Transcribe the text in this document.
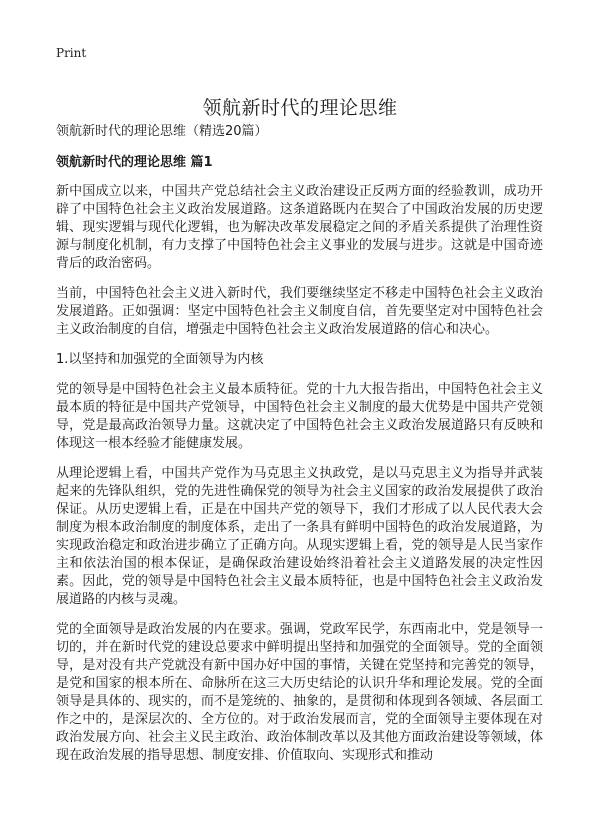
Print
领航新时代的理论思维
领航新时代的理论思维（精选20篇）
领航新时代的理论思维 篇1

新中国成立以来，中国共产党总结社会主义政治建设正反两方面的经验教训，成功开辟了中国特色社会主义政治发展道路。这条道路既内在契合了中国政治发展的历史逻辑、现实逻辑与现代化逻辑，也为解决改革发展稳定之间的矛盾关系提供了治理性资源与制度化机制，有力支撑了中国特色社会主义事业的发展与进步。这就是中国奇迹背后的政治密码。

当前，中国特色社会主义进入新时代，我们要继续坚定不移走中国特色社会主义政治发展道路。正如强调：坚定中国特色社会主义制度自信，首先要坚定对中国特色社会主义政治制度的自信，增强走中国特色社会主义政治发展道路的信心和决心。

1.以坚持和加强党的全面领导为内核

党的领导是中国特色社会主义最本质特征。党的十九大报告指出，中国特色社会主义最本质的特征是中国共产党领导，中国特色社会主义制度的最大优势是中国共产党领导，党是最高政治领导力量。这就决定了中国特色社会主义政治发展道路只有反映和体现这一根本经验才能健康发展。

从理论逻辑上看，中国共产党作为马克思主义执政党，是以马克思主义为指导并武装起来的先锋队组织，党的先进性确保党的领导为社会主义国家的政治发展提供了政治保证。从历史逻辑上看，正是在中国共产党的领导下，我们才形成了以人民代表大会制度为根本政治制度的制度体系，走出了一条具有鲜明中国特色的政治发展道路，为实现政治稳定和政治进步确立了正确方向。从现实逻辑上看，党的领导是人民当家作主和依法治国的根本保证，是确保政治建设始终沿着社会主义道路发展的决定性因素。因此，党的领导是中国特色社会主义最本质特征，也是中国特色社会主义政治发展道路的内核与灵魂。

党的全面领导是政治发展的内在要求。强调，党政军民学，东西南北中，党是领导一切的，并在新时代党的建设总要求中鲜明提出坚持和加强党的全面领导。党的全面领导，是对没有共产党就没有新中国办好中国的事情，关键在党坚持和完善党的领导，是党和国家的根本所在、命脉所在这三大历史结论的认识升华和理论发展。党的全面领导是具体的、现实的，而不是笼统的、抽象的，是贯彻和体现到各领域、各层面工作之中的，是深层次的、全方位的。对于政治发展而言，党的全面领导主要体现在对政治发展方向、社会主义民主政治、政治体制改革以及其他方面政治建设等领域，体现在政治发展的指导思想、制度安排、价值取向、实现形式和推动
